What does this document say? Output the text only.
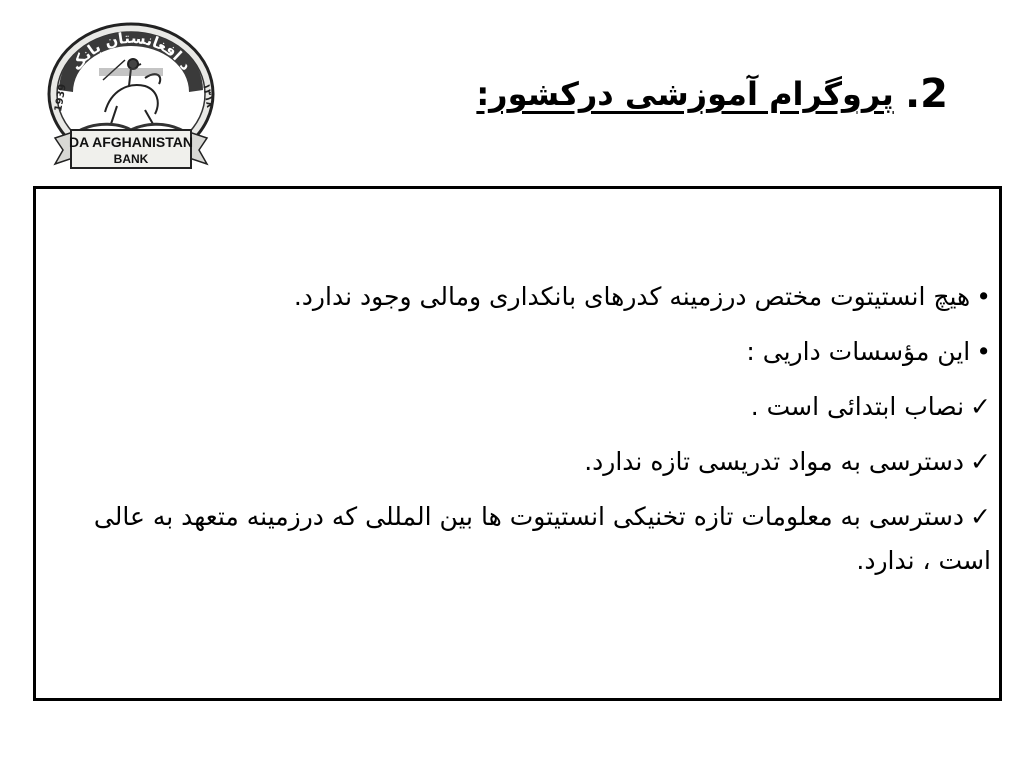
د افغانستان بانک
1939	١٣١٨
DA AFGHANISTAN
BANK
2. پروگرام آموزشی درکشور:
•هیچ انستیتوت مختص درزمینه کدرهای بانکداری ومالی وجود ندارد.
•این مؤسسات داریی :
✓نصاب ابتدائی است .
✓دسترسی به مواد تدریسی تازه ندارد.
✓دسترسی به معلومات تازه تخنیکی انستیتوت ها بین المللی که درزمینه متعهد به عالی است ، ندارد.
